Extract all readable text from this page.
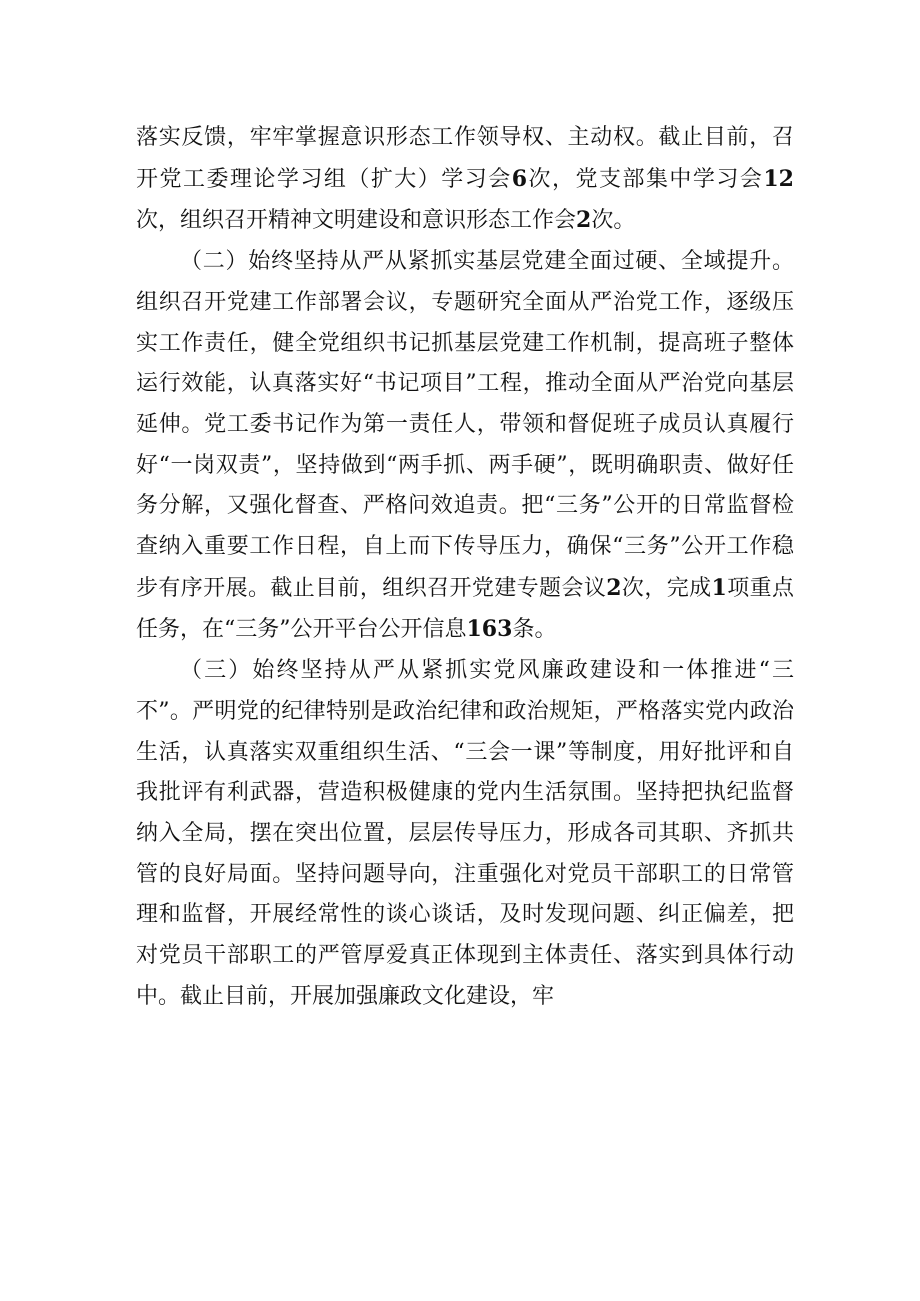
落实反馈，牢牢掌握意识形态工作领导权、主动权。截止目前，召开党工委理论学习组（扩大）学习会6次，党支部集中学习会12次，组织召开精神文明建设和意识形态工作会2次。

（二）始终坚持从严从紧抓实基层党建全面过硬、全域提升。组织召开党建工作部署会议，专题研究全面从严治党工作，逐级压实工作责任，健全党组织书记抓基层党建工作机制，提高班子整体运行效能，认真落实好“书记项目”工程，推动全面从严治党向基层延伸。党工委书记作为第一责任人，带领和督促班子成员认真履行好“一岗双责”，坚持做到“两手抓、两手硬”，既明确职责、做好任务分解，又强化督查、严格问效追责。把“三务”公开的日常监督检查纳入重要工作日程，自上而下传导压力，确保“三务”公开工作稳步有序开展。截止目前，组织召开党建专题会议2次，完成1项重点任务，在“三务”公开平台公开信息163条。

（三）始终坚持从严从紧抓实党风廉政建设和一体推进“三不”。严明党的纪律特别是政治纪律和政治规矩，严格落实党内政治生活，认真落实双重组织生活、“三会一课”等制度，用好批评和自我批评有利武器，营造积极健康的党内生活氛围。坚持把执纪监督纳入全局，摆在突出位置，层层传导压力，形成各司其职、齐抓共管的良好局面。坚持问题导向，注重强化对党员干部职工的日常管理和监督，开展经常性的谈心谈话，及时发现问题、纠正偏差，把对党员干部职工的严管厚爱真正体现到主体责任、落实到具体行动中。截止目前，开展加强廉政文化建设，牢
